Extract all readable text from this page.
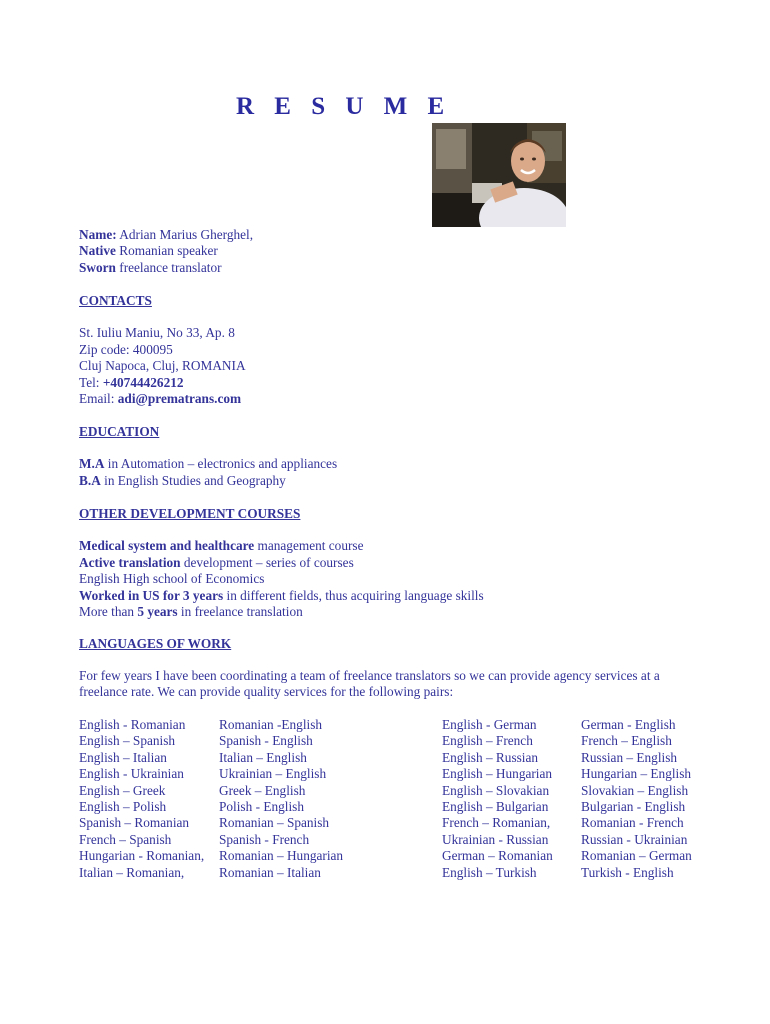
R E S U M E
Name: Adrian Marius Gherghel,
Native Romanian speaker
Sworn freelance translator
CONTACTS
St. Iuliu Maniu, No 33, Ap. 8
Zip code: 400095
Cluj Napoca, Cluj, ROMANIA
Tel: +40744426212
Email: adi@prematrans.com
EDUCATION
M.A in Automation – electronics and appliances
B.A in English Studies and Geography
OTHER DEVELOPMENT COURSES
Medical system and healthcare management course
Active translation development – series of courses
English High school of Economics
Worked in US for 3 years in different fields, thus acquiring language skills
More than 5 years in freelance translation
LANGUAGES OF WORK
For few years I have been coordinating a team of freelance translators so we can provide agency services at a freelance rate. We can provide quality services for the following pairs:
English - Romanian
English – Spanish
English – Italian
English - Ukrainian
English – Greek
English – Polish
Spanish – Romanian
French – Spanish
Hungarian - Romanian,
Italian – Romanian,
Romanian -English
Spanish - English
Italian – English
Ukrainian – English
Greek – English
Polish - English
Romanian – Spanish
Spanish - French
Romanian – Hungarian
Romanian – Italian
English - German
English – French
English – Russian
English – Hungarian
English – Slovakian
English – Bulgarian
French – Romanian,
Ukrainian - Russian
German – Romanian
English – Turkish
German - English
French – English
Russian – English
Hungarian – English
Slovakian – English
Bulgarian - English
Romanian - French
Russian - Ukrainian
Romanian – German
Turkish - English
